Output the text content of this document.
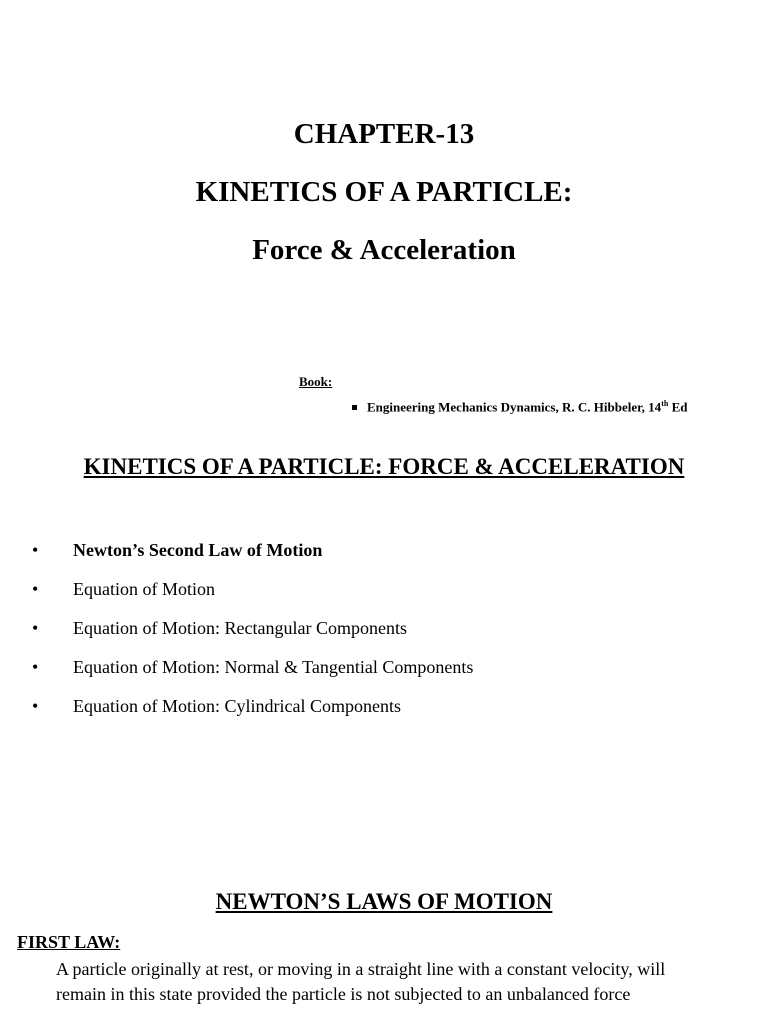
CHAPTER-13
KINETICS OF A PARTICLE:
Force & Acceleration
Book:
Engineering Mechanics Dynamics, R. C. Hibbeler, 14th Ed
KINETICS OF A PARTICLE: FORCE & ACCELERATION
• Newton’s Second Law of Motion
• Equation of Motion
• Equation of Motion: Rectangular Components
• Equation of Motion: Normal & Tangential Components
• Equation of Motion: Cylindrical Components
NEWTON’S LAWS OF MOTION
FIRST LAW:
A particle originally at rest, or moving in a straight line with a constant velocity, will
remain in this state provided the particle is not subjected to an unbalanced force
